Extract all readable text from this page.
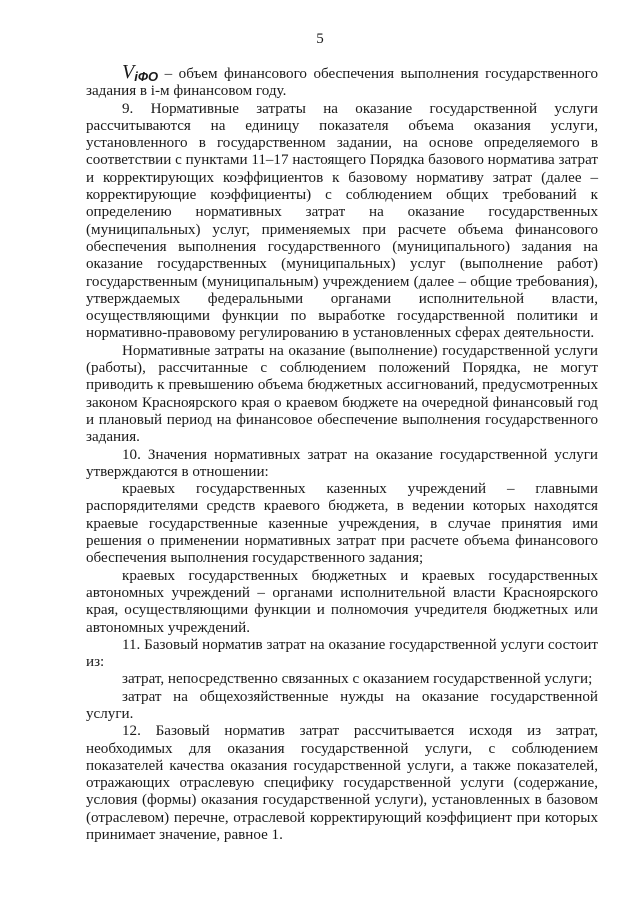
5

ViФО – объем финансового обеспечения выполнения государственного задания в i-м финансовом году.

9. Нормативные затраты на оказание государственной услуги рассчитываются на единицу показателя объема оказания услуги, установленного в государственном задании, на основе определяемого в соответствии с пунктами 11–17 настоящего Порядка базового норматива затрат и корректирующих коэффициентов к базовому нормативу затрат (далее – корректирующие коэффициенты) с соблюдением общих требований к определению нормативных затрат на оказание государственных (муниципальных) услуг, применяемых при расчете объема финансового обеспечения выполнения государственного (муниципального) задания на оказание государственных (муниципальных) услуг (выполнение работ) государственным (муниципальным) учреждением (далее – общие требования), утверждаемых федеральными органами исполнительной власти, осуществляющими функции по выработке государственной политики и нормативно-правовому регулированию в установленных сферах деятельности.

Нормативные затраты на оказание (выполнение) государственной услуги (работы), рассчитанные с соблюдением положений Порядка, не могут приводить к превышению объема бюджетных ассигнований, предусмотренных законом Красноярского края о краевом бюджете на очередной финансовый год и плановый период на финансовое обеспечение выполнения государственного задания.

10. Значения нормативных затрат на оказание государственной услуги утверждаются в отношении:

краевых государственных казенных учреждений – главными распорядителями средств краевого бюджета, в ведении которых находятся краевые государственные казенные учреждения, в случае принятия ими решения о применении нормативных затрат при расчете объема финансового обеспечения выполнения государственного задания;

краевых государственных бюджетных и краевых государственных автономных учреждений – органами исполнительной власти Красноярского края, осуществляющими функции и полномочия учредителя бюджетных или автономных учреждений.

11. Базовый норматив затрат на оказание государственной услуги состоит из:

затрат, непосредственно связанных с оказанием государственной услуги;

затрат на общехозяйственные нужды на оказание государственной услуги.

12. Базовый норматив затрат рассчитывается исходя из затрат, необходимых для оказания государственной услуги, с соблюдением показателей качества оказания государственной услуги, а также показателей, отражающих отраслевую специфику государственной услуги (содержание, условия (формы) оказания государственной услуги), установленных в базовом (отраслевом) перечне, отраслевой корректирующий коэффициент при которых принимает значение, равное 1.
